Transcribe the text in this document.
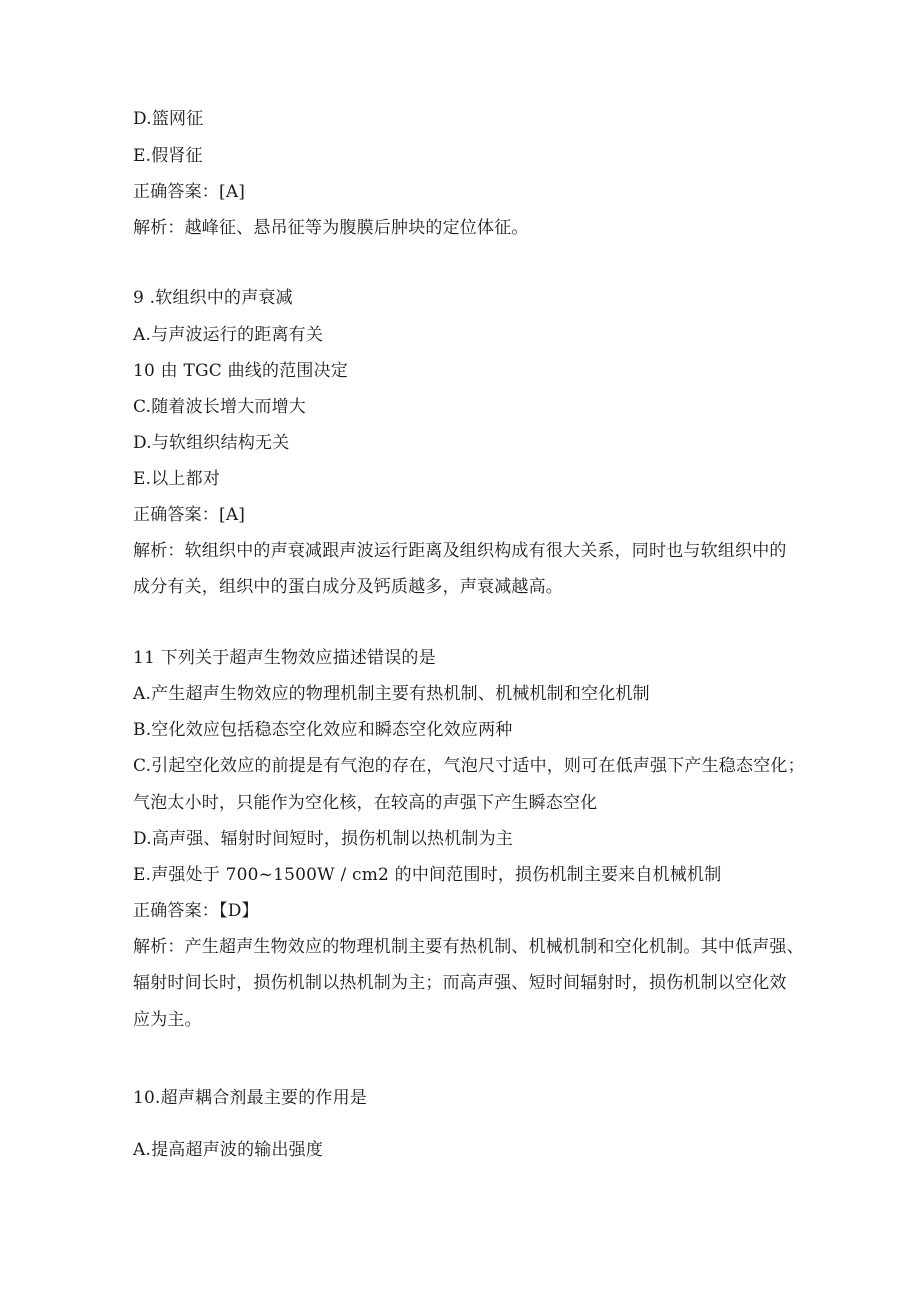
D.篮网征
E.假肾征
正确答案：[A]
解析：越峰征、悬吊征等为腹膜后肿块的定位体征。
9 .软组织中的声衰减
A.与声波运行的距离有关
10 由 TGC 曲线的范围决定
C.随着波长增大而增大
D.与软组织结构无关
E.以上都对
正确答案：[A]
解析：软组织中的声衰减跟声波运行距离及组织构成有很大关系，同时也与软组织中的
成分有关，组织中的蛋白成分及钙质越多，声衰减越高。
11 下列关于超声生物效应描述错误的是
A.产生超声生物效应的物理机制主要有热机制、机械机制和空化机制
B.空化效应包括稳态空化效应和瞬态空化效应两种
C.引起空化效应的前提是有气泡的存在，气泡尺寸适中，则可在低声强下产生稳态空化；
气泡太小时，只能作为空化核，在较高的声强下产生瞬态空化
D.高声强、辐射时间短时，损伤机制以热机制为主
E.声强处于 700~1500W / cm2 的中间范围时，损伤机制主要来自机械机制
正确答案：【D】
解析：产生超声生物效应的物理机制主要有热机制、机械机制和空化机制。其中低声强、
辐射时间长时，损伤机制以热机制为主；而高声强、短时间辐射时，损伤机制以空化效
应为主。
10.超声耦合剂最主要的作用是
A.提高超声波的输出强度
